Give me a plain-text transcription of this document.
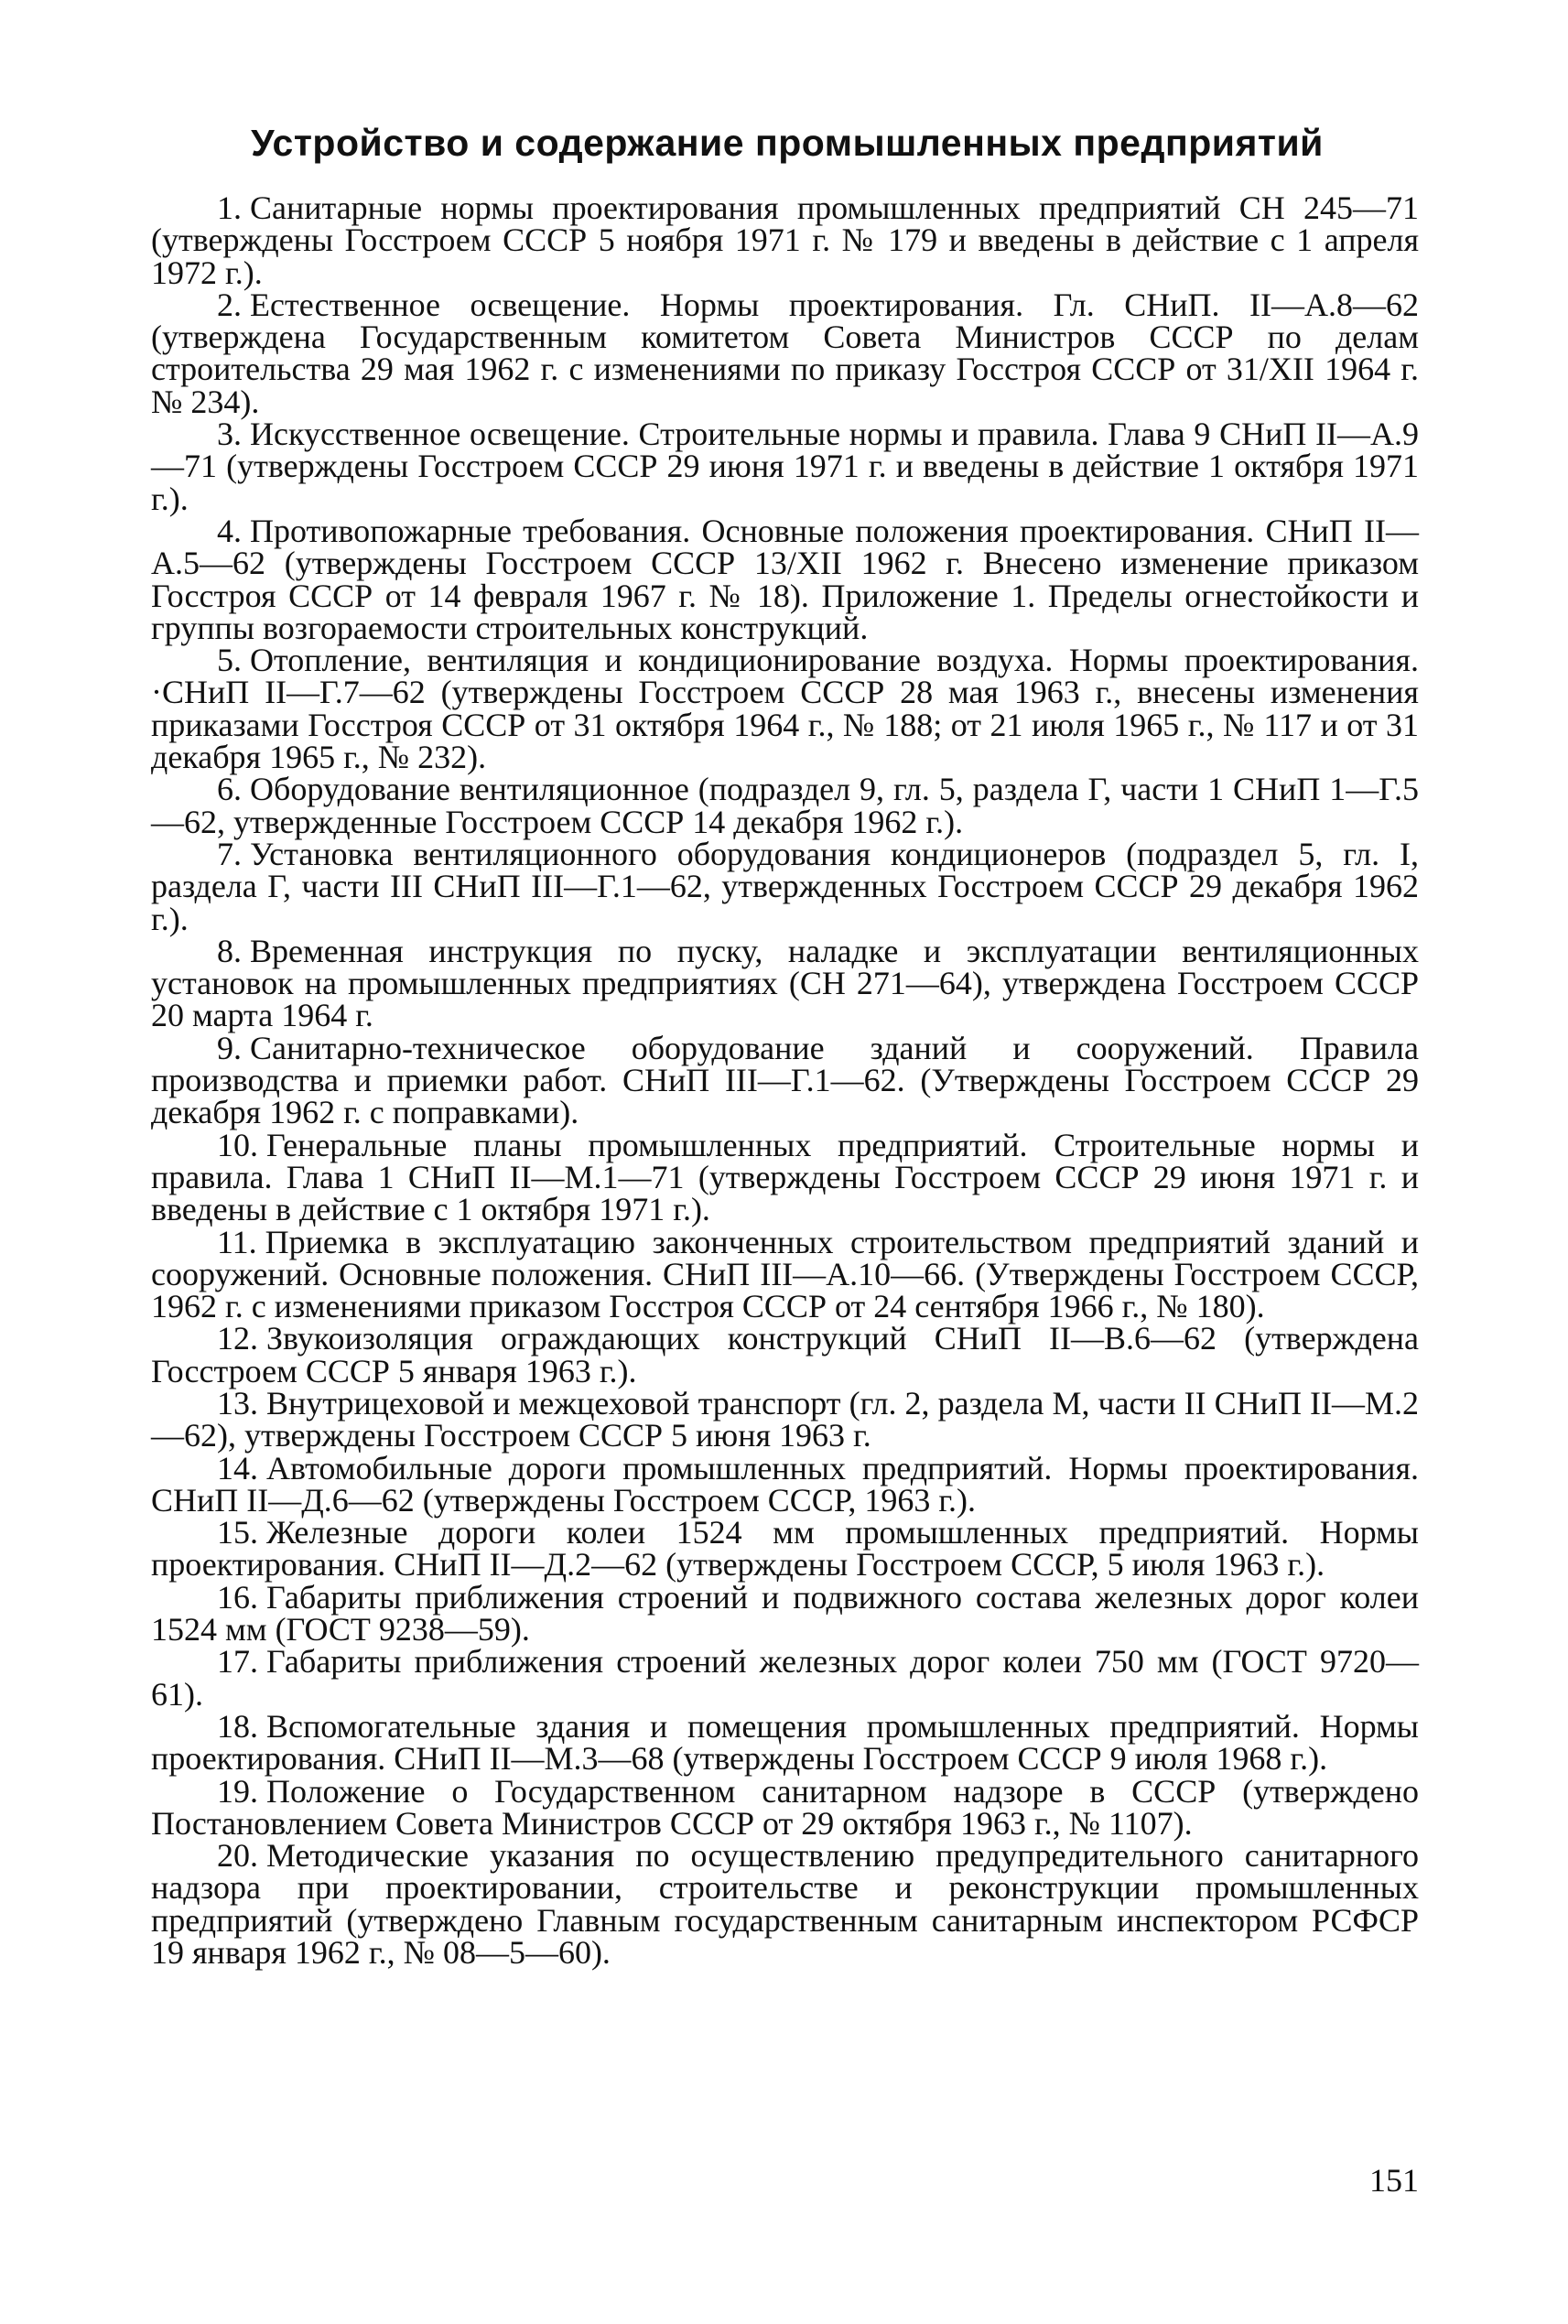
Устройство и содержание промышленных предприятий

1. Санитарные нормы проектирования промышленных предприятий СН 245—71 (утверждены Госстроем СССР 5 ноября 1971 г. № 179 и введены в действие с 1 апреля 1972 г.).

2. Естественное освещение. Нормы проектирования. Гл. СНиП. II—А.8—62 (утверждена Государственным комитетом Совета Министров СССР по делам строительства 29 мая 1962 г. с изменениями по приказу Госстроя СССР от 31/XII 1964 г. № 234).

3. Искусственное освещение. Строительные нормы и правила. Глава 9 СНиП II—А.9—71 (утверждены Госстроем СССР 29 июня 1971 г. и введены в действие 1 октября 1971 г.).

4. Противопожарные требования. Основные положения проектирования. СНиП II—А.5—62 (утверждены Госстроем СССР 13/XII 1962 г. Внесено изменение приказом Госстроя СССР от 14 февраля 1967 г. № 18). Приложение 1. Пределы огнестойкости и группы возгораемости строительных конструкций.

5. Отопление, вентиляция и кондиционирование воздуха. Нормы проектирования. ·СНиП II—Г.7—62 (утверждены Госстроем СССР 28 мая 1963 г., внесены изменения приказами Госстроя СССР от 31 октября 1964 г., № 188; от 21 июля 1965 г., № 117 и от 31 декабря 1965 г., № 232).

6. Оборудование вентиляционное (подраздел 9, гл. 5, раздела Г, части 1 СНиП 1—Г.5—62, утвержденные Госстроем СССР 14 декабря 1962 г.).

7. Установка вентиляционного оборудования кондиционеров (подраздел 5, гл. I, раздела Г, части III СНиП III—Г.1—62, утвержденных Госстроем СССР 29 декабря 1962 г.).

8. Временная инструкция по пуску, наладке и эксплуатации вентиляционных установок на промышленных предприятиях (СН 271—64), утверждена Госстроем СССР 20 марта 1964 г.

9. Санитарно-техническое оборудование зданий и сооружений. Правила производства и приемки работ. СНиП III—Г.1—62. (Утверждены Госстроем СССР 29 декабря 1962 г. с поправками).

10. Генеральные планы промышленных предприятий. Строительные нормы и правила. Глава 1 СНиП II—М.1—71 (утверждены Госстроем СССР 29 июня 1971 г. и введены в действие с 1 октября 1971 г.).

11. Приемка в эксплуатацию законченных строительством предприятий зданий и сооружений. Основные положения. СНиП III—А.10—66. (Утверждены Госстроем СССР, 1962 г. с изменениями приказом Госстроя СССР от 24 сентября 1966 г., № 180).

12. Звукоизоляция ограждающих конструкций СНиП II—В.6—62 (утверждена Госстроем СССР 5 января 1963 г.).

13. Внутрицеховой и межцеховой транспорт (гл. 2, раздела М, части II СНиП II—М.2—62), утверждены Госстроем СССР 5 июня 1963 г.

14. Автомобильные дороги промышленных предприятий. Нормы проектирования. СНиП II—Д.6—62 (утверждены Госстроем СССР, 1963 г.).

15. Железные дороги колеи 1524 мм промышленных предприятий. Нормы проектирования. СНиП II—Д.2—62 (утверждены Госстроем СССР, 5 июля 1963 г.).

16. Габариты приближения строений и подвижного состава железных дорог колеи 1524 мм (ГОСТ 9238—59).

17. Габариты приближения строений железных дорог колеи 750 мм (ГОСТ 9720—61).

18. Вспомогательные здания и помещения промышленных предприятий. Нормы проектирования. СНиП II—М.3—68 (утверждены Госстроем СССР 9 июля 1968 г.).

19. Положение о Государственном санитарном надзоре в СССР (утверждено Постановлением Совета Министров СССР от 29 октября 1963 г., № 1107).

20. Методические указания по осуществлению предупредительного санитарного надзора при проектировании, строительстве и реконструкции промышленных предприятий (утверждено Главным государственным санитарным инспектором РСФСР 19 января 1962 г., № 08—5—60).

151
